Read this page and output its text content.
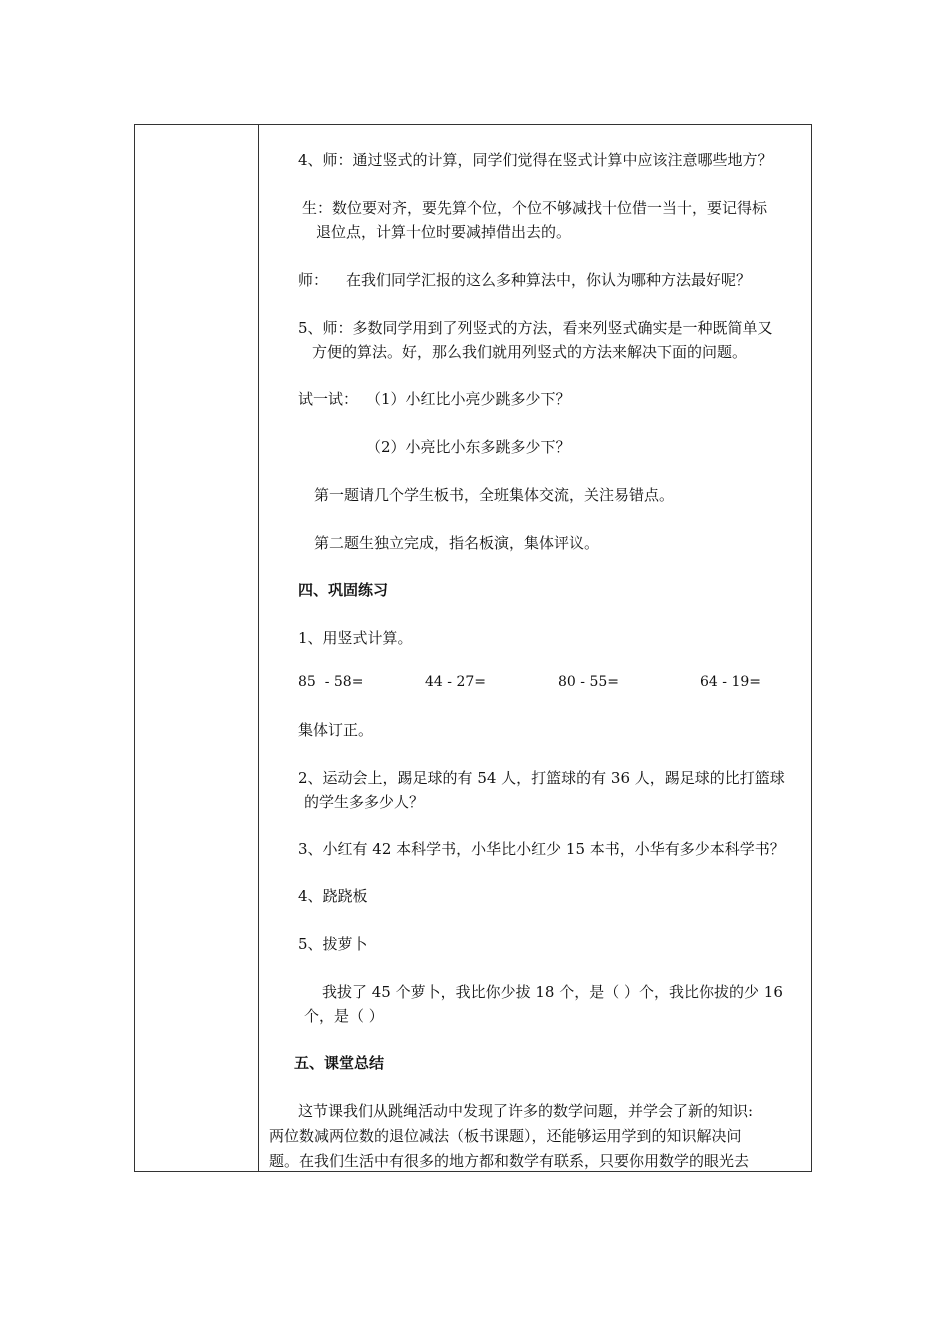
4、师：通过竖式的计算，同学们觉得在竖式计算中应该注意哪些地方？
生：数位要对齐，要先算个位，个位不够减找十位借一当十，要记得标
退位点，计算十位时要减掉借出去的。
师： 在我们同学汇报的这么多种算法中，你认为哪种方法最好呢？
5、师：多数同学用到了列竖式的方法，看来列竖式确实是一种既简单又
方便的算法。好，那么我们就用列竖式的方法来解决下面的问题。
试一试： （1）小红比小亮少跳多少下？
（2）小亮比小东多跳多少下？
第一题请几个学生板书，全班集体交流，关注易错点。
第二题生独立完成，指名板演，集体评议。
四、巩固练习
1、用竖式计算。
85  - 58=	44 - 27=	80 - 55=	64 - 19=
集体订正。
2、运动会上，踢足球的有 54 人，打篮球的有 36 人，踢足球的比打篮球
的学生多多少人？
3、小红有 42 本科学书，小华比小红少 15 本书，小华有多少本科学书？
4、跷跷板
5、拔萝卜
我拔了 45 个萝卜，我比你少拔 18 个，是（ ）个，我比你拔的少 16
个，是（ ）
五、课堂总结
这节课我们从跳绳活动中发现了许多的数学问题，并学会了新的知识:
两位数减两位数的退位减法（板书课题），还能够运用学到的知识解决问
题。在我们生活中有很多的地方都和数学有联系，只要你用数学的眼光去
